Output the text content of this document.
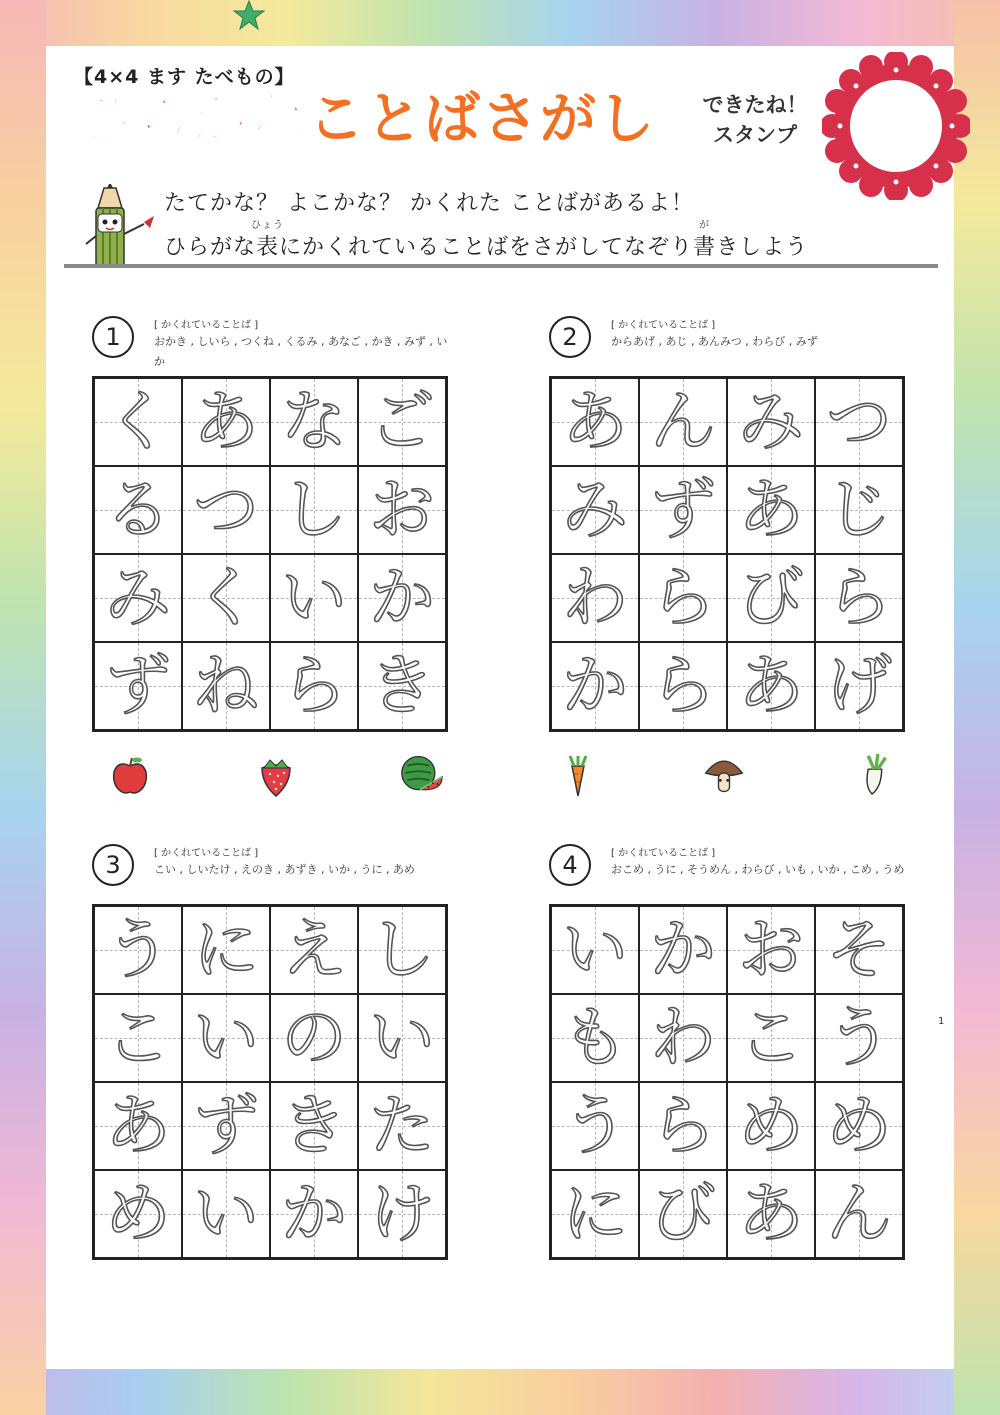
【4×4 ます たべもの】
ひらがなことばさがし	できたね！
スタンプ
たてかな？ よこかな？ かくれた ことばがあるよ！
ひらがな
ひょう
表にかくれていることばをさがしてなぞり
が
書きしよう
1	[ かくれていることば ]
おかき , しいら , つくね , くるみ , あなご , かき , みず , いか
く あ な ご
る つ し お
み く い か
ず ね ら き
2	[ かくれていることば ]
からあげ , あじ , あんみつ , わらび , みず
あ ん み つ
み ず あ じ
わ ら び ら
か ら あ げ
3	[ かくれていることば ]
こい , しいたけ , えのき , あずき , いか , うに , あめ
う に え し
こ い の い
あ ず き た
め い か け
4	[ かくれていることば ]
おこめ , うに , そうめん , わらび , いも , いか , こめ , うめ
い か お そ
も わ こ う
う ら め め
に び あ ん
1
